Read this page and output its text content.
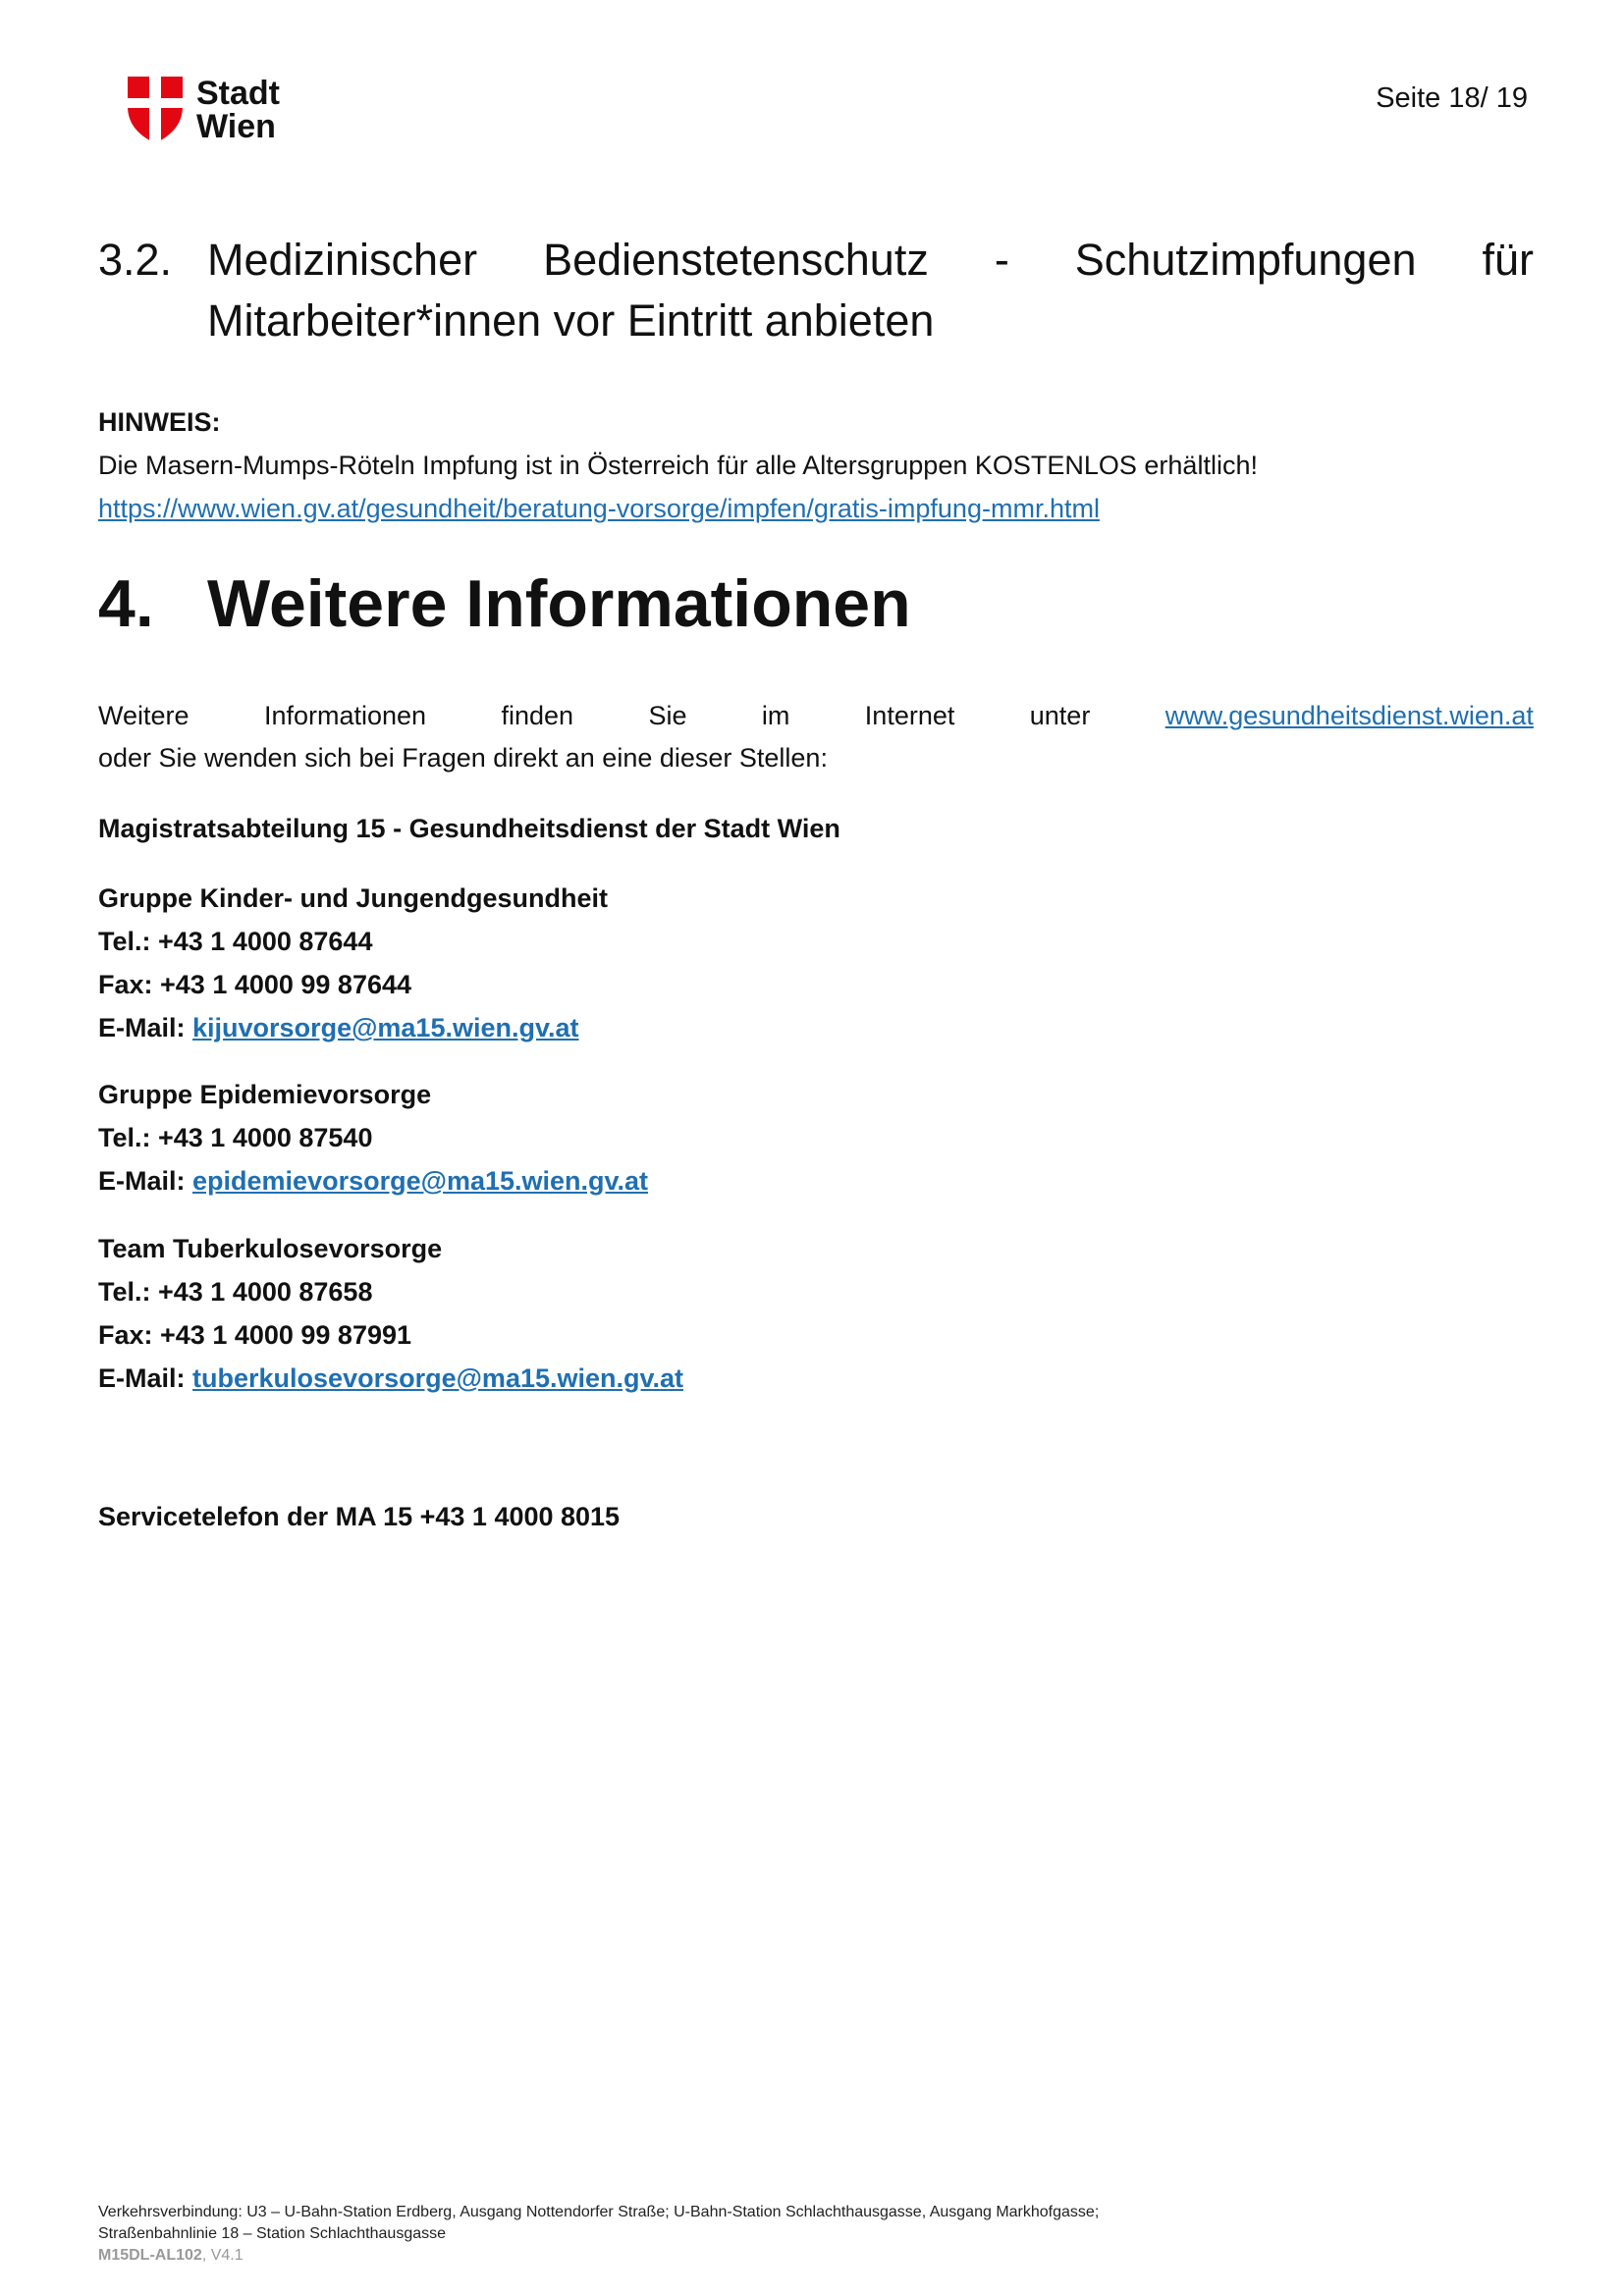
Stadt
Wien
Seite 18/ 19
3.2. Medizinischer Bedienstetenschutz - Schutzimpfungen für
Mitarbeiter*innen vor Eintritt anbieten
HINWEIS:
Die Masern-Mumps-Röteln Impfung ist in Österreich für alle Altersgruppen KOSTENLOS erhältlich!
https://www.wien.gv.at/gesundheit/beratung-vorsorge/impfen/gratis-impfung-mmr.html
4. Weitere Informationen
Weitere	Informationen	finden	Sie	im	Internet	unter	www.gesundheitsdienst.wien.at
oder Sie wenden sich bei Fragen direkt an eine dieser Stellen:
Magistratsabteilung 15 - Gesundheitsdienst der Stadt Wien
Gruppe Kinder- und Jungendgesundheit
Tel.: +43 1 4000 87644
Fax: +43 1 4000 99 87644
E-Mail: kijuvorsorge@ma15.wien.gv.at
Gruppe Epidemievorsorge
Tel.: +43 1 4000 87540
E-Mail: epidemievorsorge@ma15.wien.gv.at
Team Tuberkulosevorsorge
Tel.: +43 1 4000 87658
Fax: +43 1 4000 99 87991
E-Mail: tuberkulosevorsorge@ma15.wien.gv.at
Servicetelefon der MA 15 +43 1 4000 8015
Verkehrsverbindung: U3 – U-Bahn-Station Erdberg, Ausgang Nottendorfer Straße; U-Bahn-Station Schlachthausgasse, Ausgang Markhofgasse;
Straßenbahnlinie 18 – Station Schlachthausgasse
M15DL-AL102, V4.1
